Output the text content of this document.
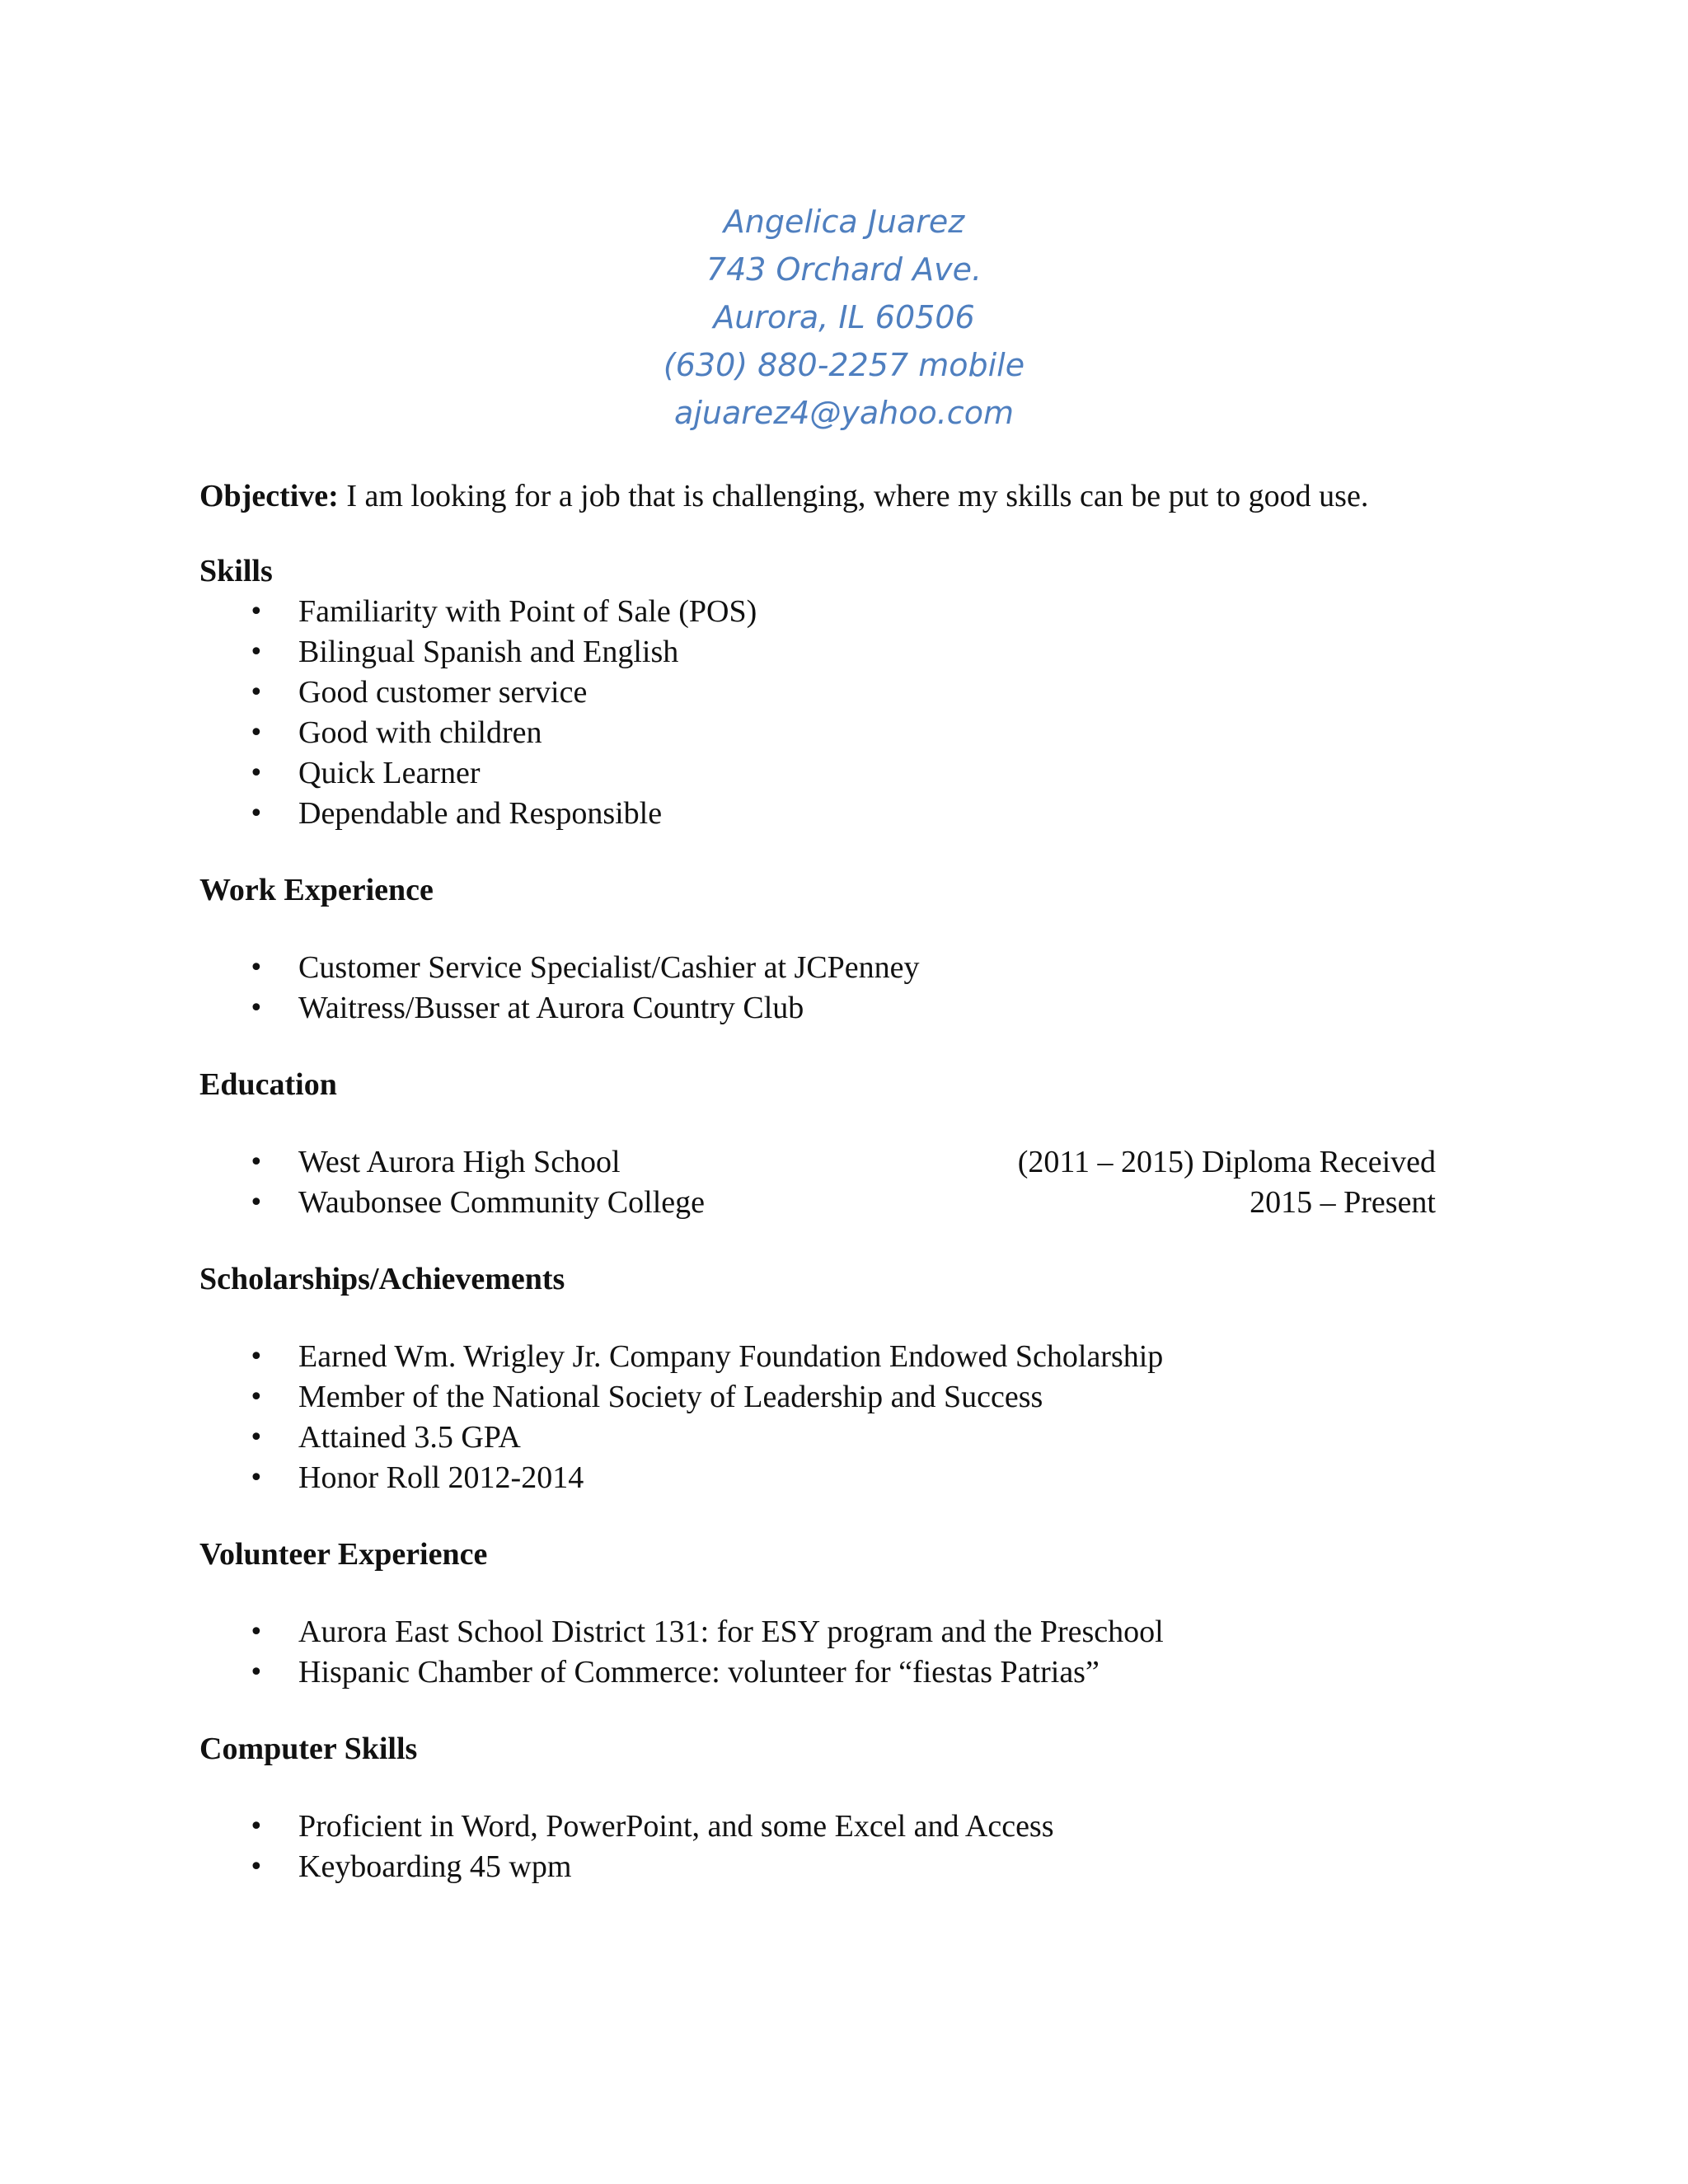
Angelica Juarez
743 Orchard Ave.
Aurora, IL 60506
(630) 880-2257 mobile
ajuarez4@yahoo.com
Objective: I am looking for a job that is challenging, where my skills can be put to good use.
Skills
• Familiarity with Point of Sale (POS)
• Bilingual Spanish and English
• Good customer service
• Good with children
• Quick Learner
• Dependable and Responsible
Work Experience
• Customer Service Specialist/Cashier at JCPenney
• Waitress/Busser at Aurora Country Club
Education
• West Aurora High School	(2011 – 2015) Diploma Received
• Waubonsee Community College	2015 – Present
Scholarships/Achievements
• Earned Wm. Wrigley Jr. Company Foundation Endowed Scholarship
• Member of the National Society of Leadership and Success
• Attained 3.5 GPA
• Honor Roll 2012-2014
Volunteer Experience
• Aurora East School District 131: for ESY program and the Preschool
• Hispanic Chamber of Commerce: volunteer for “fiestas Patrias”
Computer Skills
• Proficient in Word, PowerPoint, and some Excel and Access
• Keyboarding 45 wpm
